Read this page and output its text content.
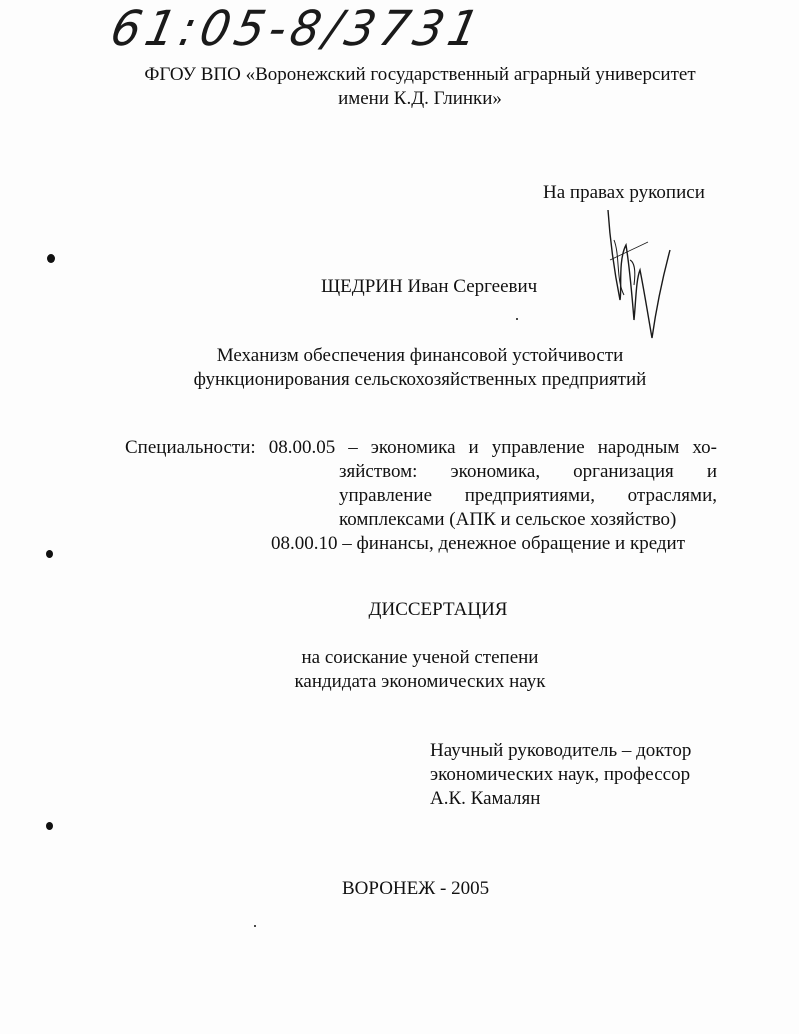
61:05-8/3731
ФГОУ ВПО «Воронежский государственный аграрный университет
имени К.Д. Глинки»
На правах рукописи
ЩЕДРИН Иван Сергеевич
Механизм обеспечения финансовой устойчивости
функционирования сельскохозяйственных предприятий
Специальности: 08.00.05 – экономика и управление народным хо-
зяйством: экономика, организация и
управление предприятиями, отраслями,
комплексами (АПК и сельское хозяйство)
08.00.10 – финансы, денежное обращение и кредит
ДИССЕРТАЦИЯ
на соискание ученой степени
кандидата экономических наук
Научный руководитель – доктор
экономических наук, профессор
А.К. Камалян
ВОРОНЕЖ - 2005
